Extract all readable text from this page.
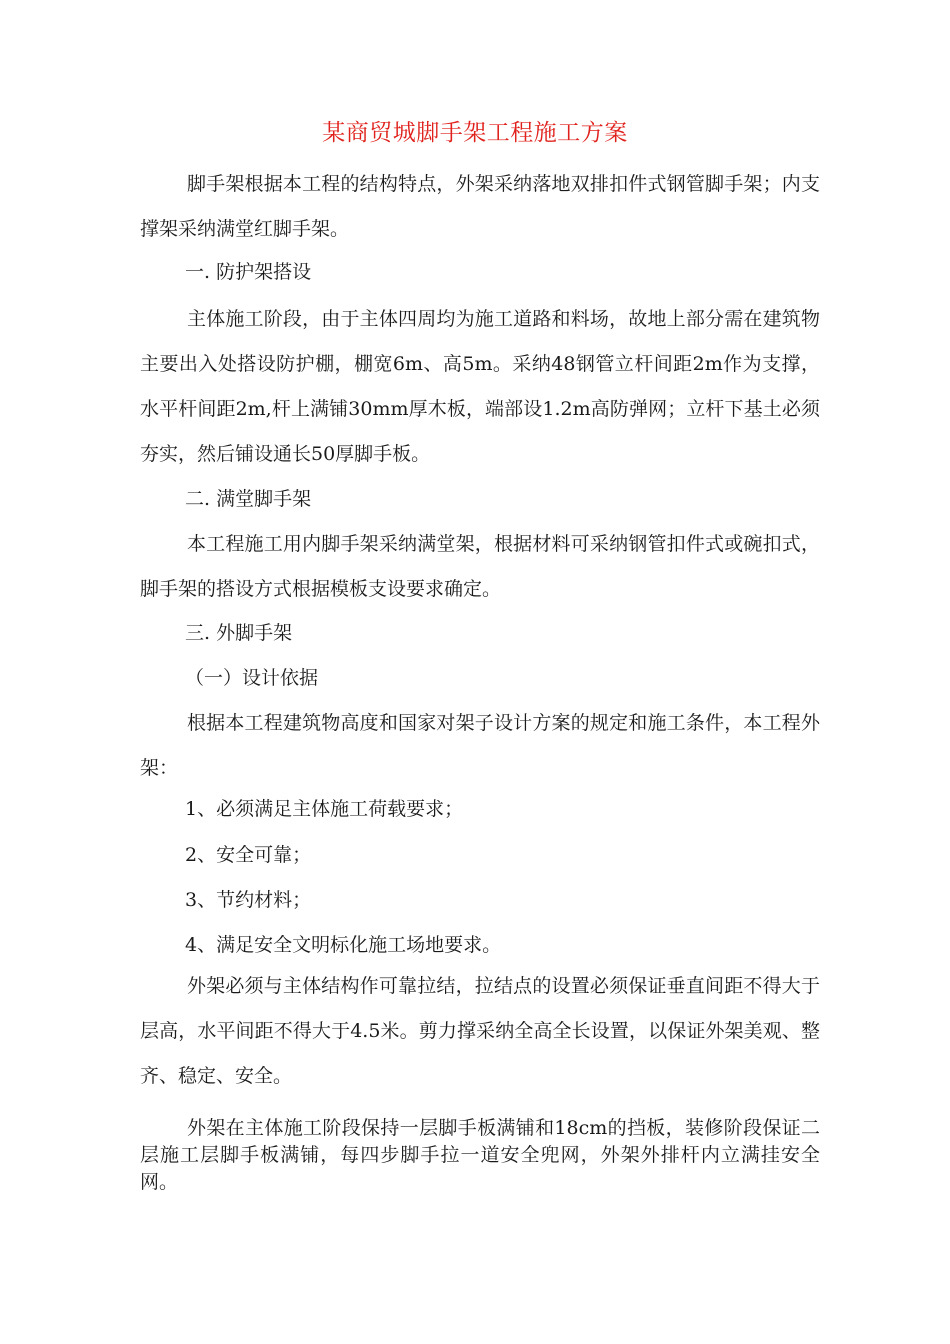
某商贸城脚手架工程施工方案
脚手架根据本工程的结构特点，外架采纳落地双排扣件式钢管脚手架；内支撑架采纳满堂红脚手架。
一. 防护架搭设
主体施工阶段，由于主体四周均为施工道路和料场，故地上部分需在建筑物主要出入处搭设防护棚，棚宽6m、高5m。采纳48钢管立杆间距2m作为支撑，水平杆间距2m,杆上满铺30mm厚木板，端部设1.2m高防弹网；立杆下基土必须夯实，然后铺设通长50厚脚手板。
二. 满堂脚手架
本工程施工用内脚手架采纳满堂架，根据材料可采纳钢管扣件式或碗扣式，脚手架的搭设方式根据模板支设要求确定。
三. 外脚手架
（一）设计依据
根据本工程建筑物高度和国家对架子设计方案的规定和施工条件，本工程外架：
1、必须满足主体施工荷载要求；
2、安全可靠；
3、节约材料；
4、满足安全文明标化施工场地要求。
外架必须与主体结构作可靠拉结，拉结点的设置必须保证垂直间距不得大于层高，水平间距不得大于4.5米。剪力撑采纳全高全长设置，以保证外架美观、整齐、稳定、安全。
外架在主体施工阶段保持一层脚手板满铺和18cm的挡板，装修阶段保证二层施工层脚手板满铺，每四步脚手拉一道安全兜网，外架外排杆内立满挂安全网。
